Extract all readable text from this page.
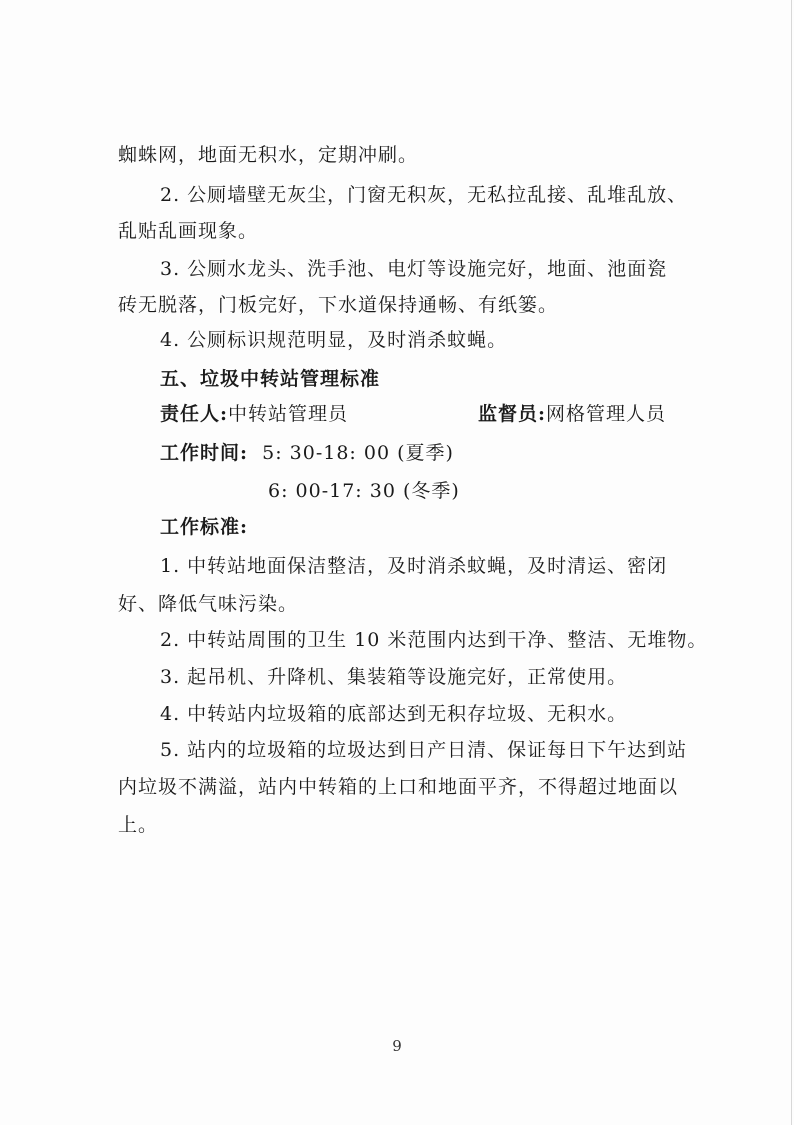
蜘蛛网，地面无积水，定期冲刷。
2. 公厕墙壁无灰尘，门窗无积灰，无私拉乱接、乱堆乱放、
乱贴乱画现象。
3. 公厕水龙头、洗手池、电灯等设施完好，地面、池面瓷
砖无脱落，门板完好，下水道保持通畅、有纸篓。
4. 公厕标识规范明显，及时消杀蚊蝇。
五、垃圾中转站管理标准
责任人:中转站管理员	监督员:网格管理人员
工作时间: 5: 30-18: 00 (夏季)
6: 00-17: 30 (冬季)
工作标准:
1. 中转站地面保洁整洁，及时消杀蚊蝇，及时清运、密闭
好、降低气味污染。
2. 中转站周围的卫生 10 米范围内达到干净、整洁、无堆物。
3. 起吊机、升降机、集装箱等设施完好，正常使用。
4. 中转站内垃圾箱的底部达到无积存垃圾、无积水。
5. 站内的垃圾箱的垃圾达到日产日清、保证每日下午达到站
内垃圾不满溢，站内中转箱的上口和地面平齐，不得超过地面以
上。
9
